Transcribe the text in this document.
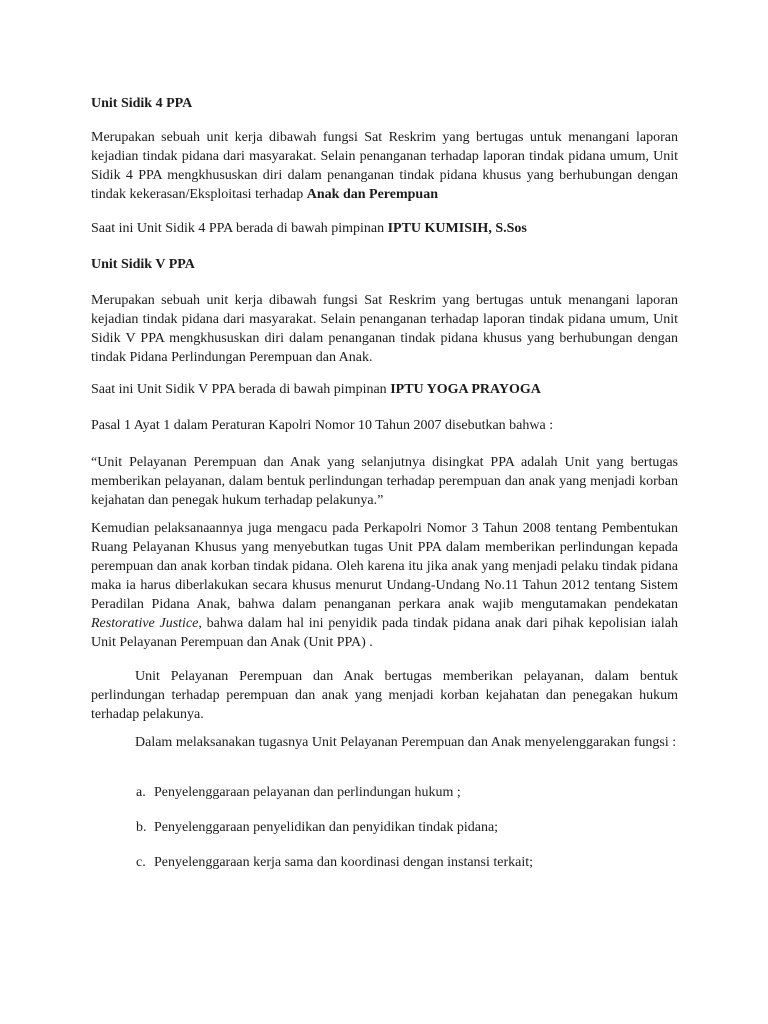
Unit Sidik 4 PPA

Merupakan sebuah unit kerja dibawah fungsi Sat Reskrim yang bertugas untuk menangani laporan kejadian tindak pidana dari masyarakat. Selain penanganan terhadap laporan tindak pidana umum, Unit Sidik 4 PPA mengkhususkan diri dalam penanganan tindak pidana khusus yang berhubungan dengan tindak kekerasan/Eksploitasi terhadap Anak dan Perempuan

Saat ini Unit Sidik 4 PPA berada di bawah pimpinan IPTU KUMISIH, S.Sos

Unit Sidik V PPA

Merupakan sebuah unit kerja dibawah fungsi Sat Reskrim yang bertugas untuk menangani laporan kejadian tindak pidana dari masyarakat. Selain penanganan terhadap laporan tindak pidana umum, Unit Sidik V PPA mengkhususkan diri dalam penanganan tindak pidana khusus yang berhubungan dengan tindak Pidana Perlindungan Perempuan dan Anak.

Saat ini Unit Sidik V PPA berada di bawah pimpinan IPTU YOGA PRAYOGA

Pasal 1 Ayat 1 dalam Peraturan Kapolri Nomor 10 Tahun 2007 disebutkan bahwa :

“Unit Pelayanan Perempuan dan Anak yang selanjutnya disingkat PPA adalah Unit yang bertugas memberikan pelayanan, dalam bentuk perlindungan terhadap perempuan dan anak yang menjadi korban kejahatan dan penegak hukum terhadap pelakunya.”

Kemudian pelaksanaannya juga mengacu pada Perkapolri Nomor 3 Tahun 2008 tentang Pembentukan Ruang Pelayanan Khusus yang menyebutkan tugas Unit PPA dalam memberikan perlindungan kepada perempuan dan anak korban tindak pidana. Oleh karena itu jika anak yang menjadi pelaku tindak pidana maka ia harus diberlakukan secara khusus menurut Undang-Undang No.11 Tahun 2012 tentang Sistem Peradilan Pidana Anak, bahwa dalam penanganan perkara anak wajib mengutamakan pendekatan Restorative Justice, bahwa dalam hal ini penyidik pada tindak pidana anak dari pihak kepolisian ialah Unit Pelayanan Perempuan dan Anak (Unit PPA) .

Unit Pelayanan Perempuan dan Anak bertugas memberikan pelayanan, dalam bentuk perlindungan terhadap perempuan dan anak yang menjadi korban kejahatan dan penegakan hukum terhadap pelakunya.

Dalam melaksanakan tugasnya Unit Pelayanan Perempuan dan Anak menyelenggarakan fungsi :

a. Penyelenggaraan pelayanan dan perlindungan hukum ;

b. Penyelenggaraan penyelidikan dan penyidikan tindak pidana;

c. Penyelenggaraan kerja sama dan koordinasi dengan instansi terkait;
